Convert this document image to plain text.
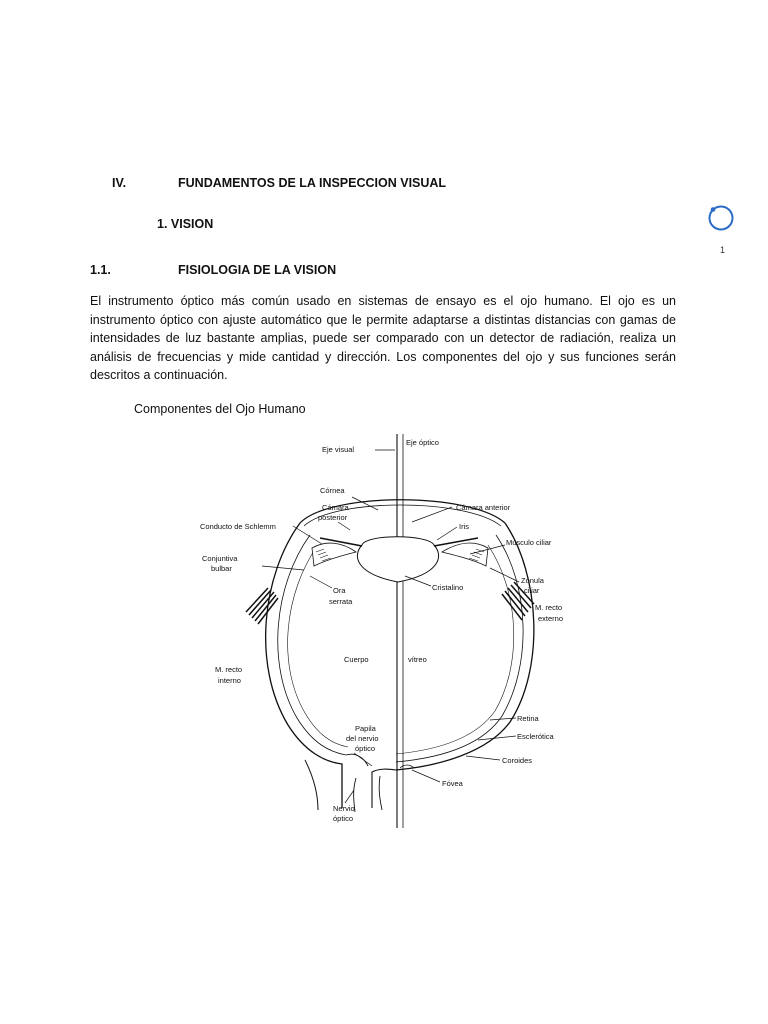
IV.	FUNDAMENTOS DE LA INSPECCION VISUAL
1. VISION
1.1.	FISIOLOGIA DE LA VISION

El instrumento óptico más común usado en sistemas de ensayo es el ojo humano. El ojo es un instrumento óptico con ajuste automático que le permite adaptarse a distintas distancias con gamas de intensidades de luz bastante amplias, puede ser comparado con un detector de radiación, realiza un análisis de frecuencias y mide cantidad y dirección. Los componentes del ojo y sus funciones serán descritos a continuación.

Componentes del Ojo Humano
1
Eje visual
Eje óptico
Córnea
Cámara
posterior
Cámara anterior
Conducto de Schlemm	Iris
Músculo ciliar
Conjuntiva
bulbar
Cristalino
Zónula
ciliar
Ora
serrata
M. recto
externo
Cuerpo	vítreo
M. recto
interno
Retina
Esclerótica
Papila
del nervio
óptico
Coroides
Fóvea
Nervio
óptico
